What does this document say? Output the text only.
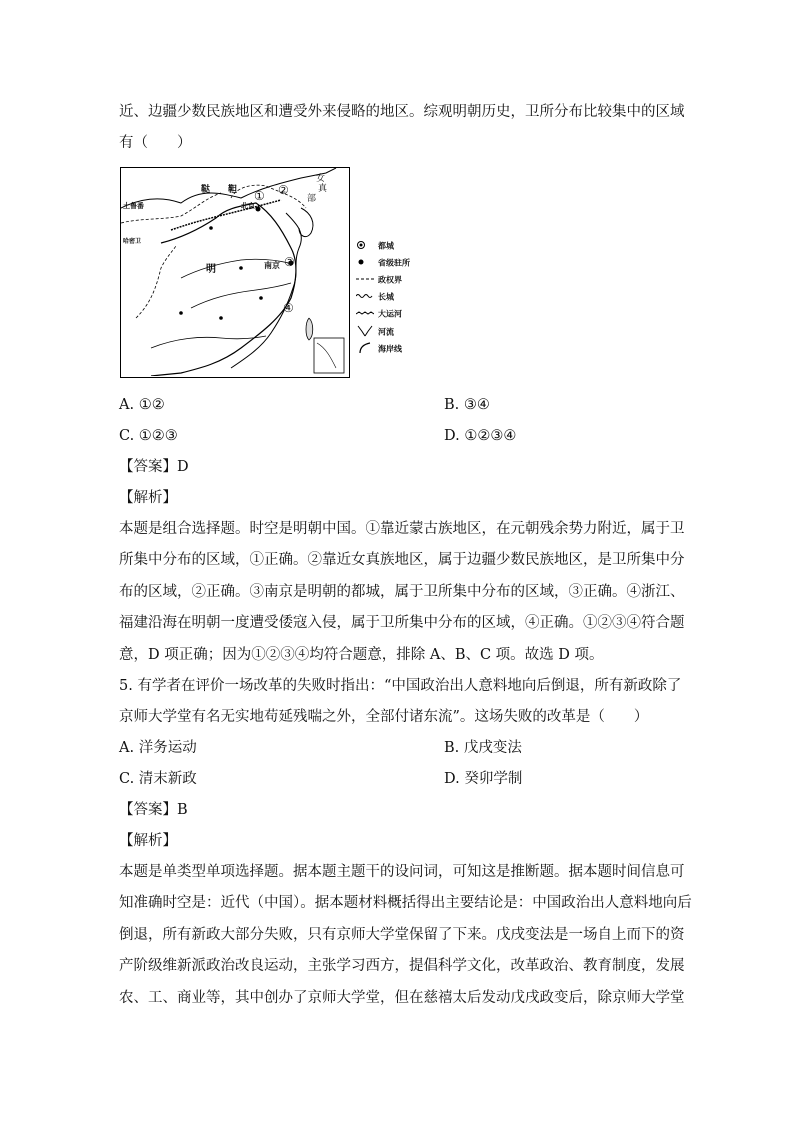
近、边疆少数民族地区和遭受外来侵略的地区。综观明朝历史，卫所分布比较集中的区域
有（　　）
鞑　　靼
女
真
部
土鲁番
哈密卫
北京
明	南京
① ②
③
④
都城
省级驻所
政权界
长城
大运河
河流
海岸线
A. ①②	B. ③④
C. ①②③	D. ①②③④
【答案】D
【解析】
本题是组合选择题。时空是明朝中国。①靠近蒙古族地区，在元朝残余势力附近，属于卫
所集中分布的区域，①正确。②靠近女真族地区，属于边疆少数民族地区，是卫所集中分
布的区域，②正确。③南京是明朝的都城，属于卫所集中分布的区域，③正确。④浙江、
福建沿海在明朝一度遭受倭寇入侵，属于卫所集中分布的区域，④正确。①②③④符合题
意，D 项正确；因为①②③④均符合题意，排除 A、B、C 项。故选 D 项。
5. 有学者在评价一场改革的失败时指出：“中国政治出人意料地向后倒退，所有新政除了
京师大学堂有名无实地苟延残喘之外，全部付诸东流”。这场失败的改革是（　　）
A. 洋务运动	B. 戊戌变法
C. 清末新政	D. 癸卯学制
【答案】B
【解析】
本题是单类型单项选择题。据本题主题干的设问词，可知这是推断题。据本题时间信息可
知准确时空是：近代（中国）。据本题材料概括得出主要结论是：中国政治出人意料地向后
倒退，所有新政大部分失败，只有京师大学堂保留了下来。戊戌变法是一场自上而下的资
产阶级维新派政治改良运动，主张学习西方，提倡科学文化，改革政治、教育制度，发展
农、工、商业等，其中创办了京师大学堂，但在慈禧太后发动戊戌政变后，除京师大学堂
